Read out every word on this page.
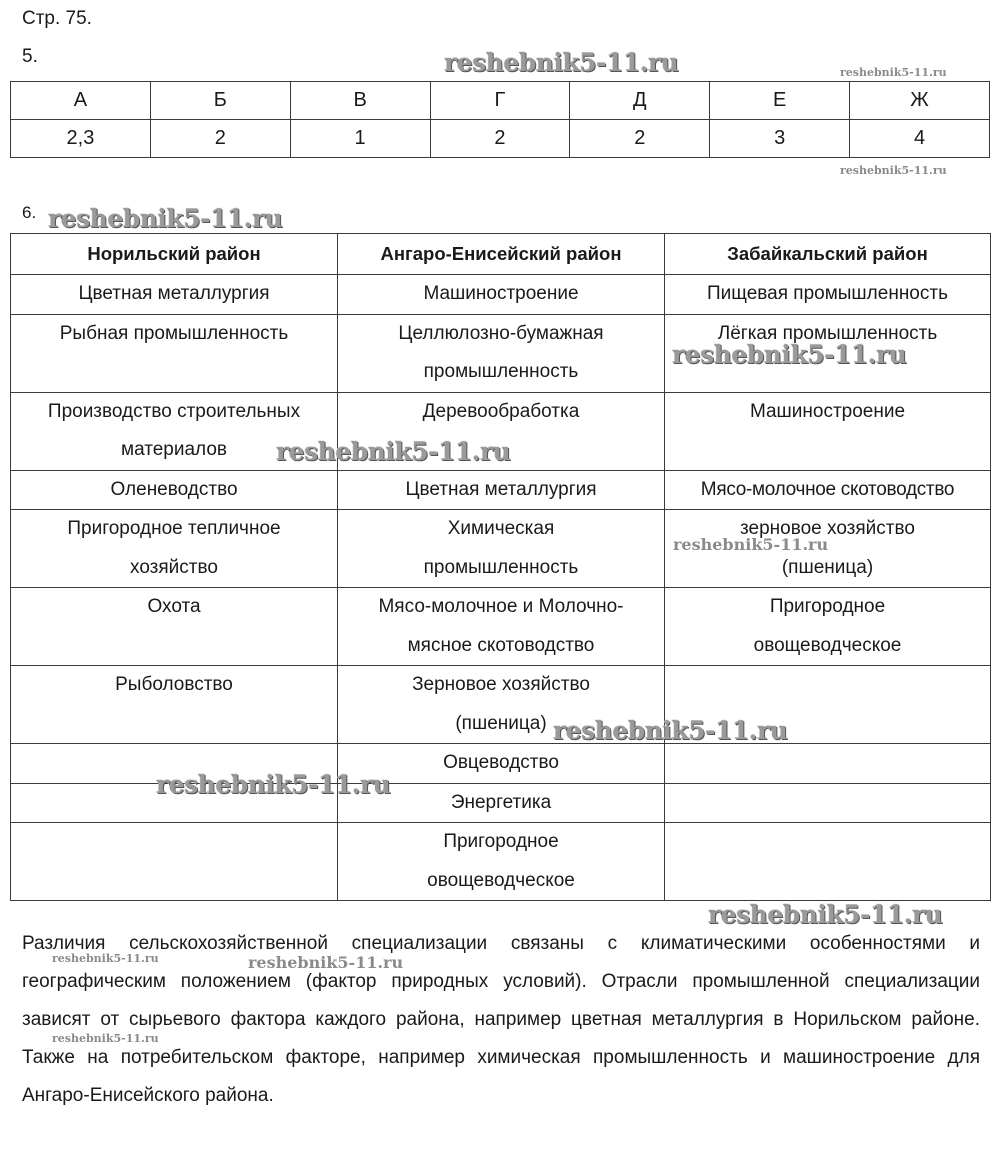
Стр. 75.
5.
А	Б	В	Г	Д	Е	Ж
2,3	2	1	2	2	3	4
6.
Норильский район	Ангаро-Енисейский район	Забайкальский район
Цветная металлургия	Машиностроение	Пищевая промышленность
Рыбная промышленность	Целлюлозно-бумажная промышленность	Лёгкая промышленность
Производство строительных материалов	Деревообработка	Машиностроение
Оленеводство	Цветная металлургия	Мясо-молочное скотоводство
Пригородное тепличное хозяйство	Химическая промышленность	зерновое хозяйство (пшеница)
Охота	Мясо-молочное и Молочно-мясное скотоводство	Пригородное овощеводческое
Рыболовство	Зерновое хозяйство (пшеница)	
	Овцеводство	
	Энергетика	
	Пригородное овощеводческое	
Различия сельскохозяйственной специализации связаны с климатическими особенностями и географическим положением (фактор природных условий). Отрасли промышленной специализации зависят от сырьевого фактора каждого района, например цветная металлургия в Норильском районе. Также на потребительском факторе, например химическая промышленность и машиностроение для Ангаро-Енисейского района.
reshebnik5-11.ru	reshebnik5-11.ru
reshebnik5-11.ru
reshebnik5-11.ru
reshebnik5-11.ru
reshebnik5-11.ru
reshebnik5-11.ru
reshebnik5-11.ru
reshebnik5-11.ru
reshebnik5-11.ru
reshebnik5-11.ru	reshebnik5-11.ru
reshebnik5-11.ru
